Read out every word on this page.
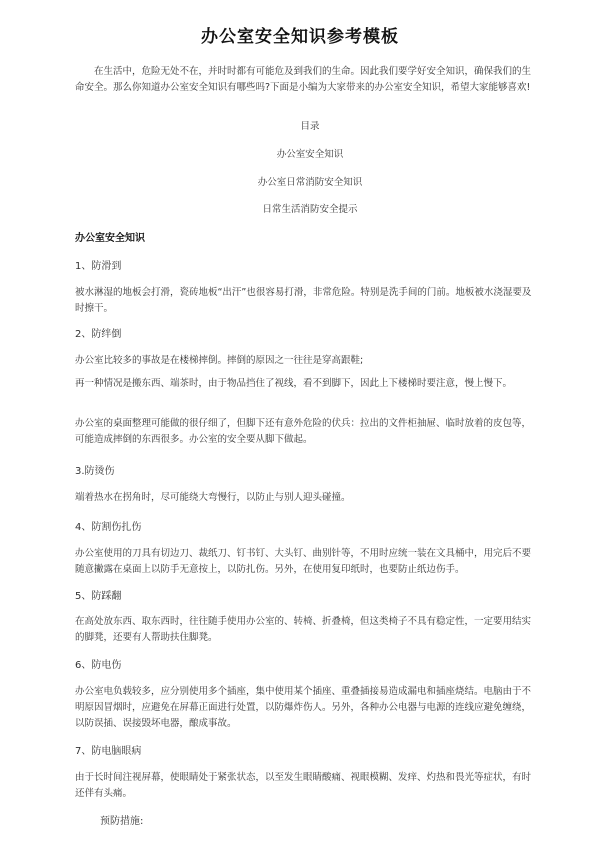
办公室安全知识参考模板

在生活中，危险无处不在，并时时都有可能危及到我们的生命。因此我们要学好安全知识，确保我们的生命安全。那么你知道办公室安全知识有哪些吗?下面是小编为大家带来的办公室安全知识，希望大家能够喜欢!

目录
办公室安全知识
办公室日常消防安全知识
日常生活消防安全提示
办公室安全知识
1、防滑到

被水淋湿的地板会打滑，瓷砖地板“出汗”也很容易打滑，非常危险。特别是洗手间的门前。地板被水浇湿要及时擦干。

2、防绊倒

办公室比较多的事故是在楼梯摔倒。摔倒的原因之一往往是穿高跟鞋;

再一种情况是搬东西、端茶时，由于物品挡住了视线，看不到脚下，因此上下楼梯时要注意，慢上慢下。

办公室的桌面整理可能做的很仔细了，但脚下还有意外危险的伏兵：拉出的文件柜抽屉、临时放着的皮包等，可能造成摔倒的东西很多。办公室的安全要从脚下做起。

3.防烫伤

端着热水在拐角时，尽可能绕大弯慢行，以防止与别人迎头碰撞。

4、防割伤扎伤

办公室使用的刀具有切边刀、裁纸刀、钉书钉、大头钉、曲别针等，不用时应统一装在文具桶中，用完后不要随意撇露在桌面上以防手无意按上，以防扎伤。另外，在使用复印纸时，也要防止纸边伤手。

5、防踩翻

在高处放东西、取东西时，往往随手使用办公室的、转椅、折叠椅，但这类椅子不具有稳定性，一定要用结实的脚凳，还要有人帮助扶住脚凳。

6、防电伤

办公室电负载较多，应分别使用多个插座，集中使用某个插座、重叠插接易造成漏电和插座烧结。电脑由于不明原因冒烟时，应避免在屏幕正面进行处置，以防爆炸伤人。另外，各种办公电器与电源的连线应避免缠绕，以防误插、误接毁坏电器，酿成事故。

7、防电脑眼病

由于长时间注视屏幕，使眼睛处于紧张状态，以至发生眼睛酸痛、视眼模糊、发痒、灼热和畏光等症状，有时还伴有头痛。

预防措施:
